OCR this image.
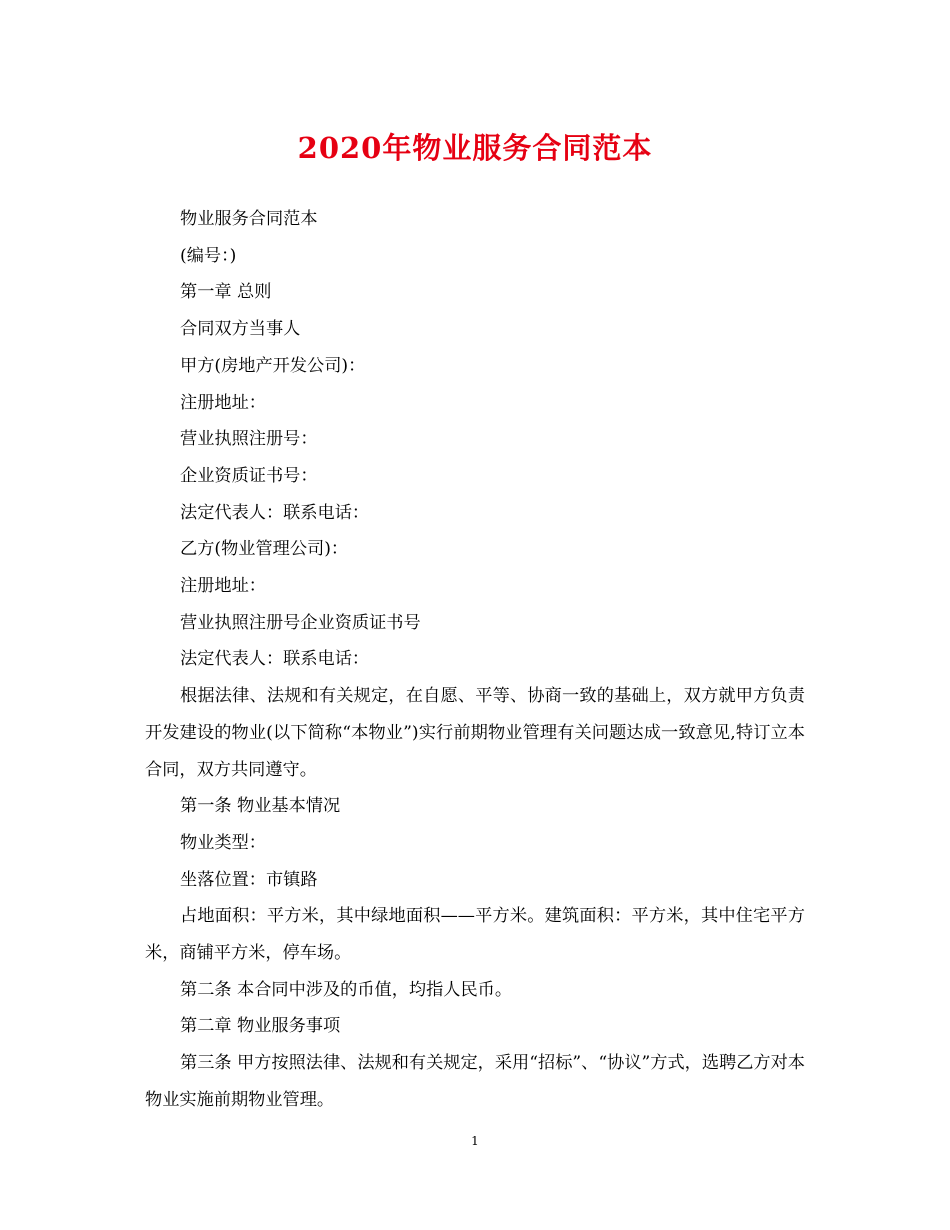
2020年物业服务合同范本

物业服务合同范本

(编号：)

第一章 总则

合同双方当事人

甲方(房地产开发公司)：

注册地址：

营业执照注册号：

企业资质证书号：

法定代表人：联系电话：

乙方(物业管理公司)：

注册地址：

营业执照注册号企业资质证书号

法定代表人：联系电话：

根据法律、法规和有关规定，在自愿、平等、协商一致的基础上，双方就甲方负责开发建设的物业(以下简称“本物业”)实行前期物业管理有关问题达成一致意见,特订立本合同，双方共同遵守。

第一条 物业基本情况

物业类型：

坐落位置：市镇路

占地面积：平方米，其中绿地面积——平方米。建筑面积：平方米，其中住宅平方米，商铺平方米，停车场。

第二条 本合同中涉及的币值，均指人民币。

第二章 物业服务事项

第三条 甲方按照法律、法规和有关规定，采用“招标”、“协议”方式，选聘乙方对本物业实施前期物业管理。

1
